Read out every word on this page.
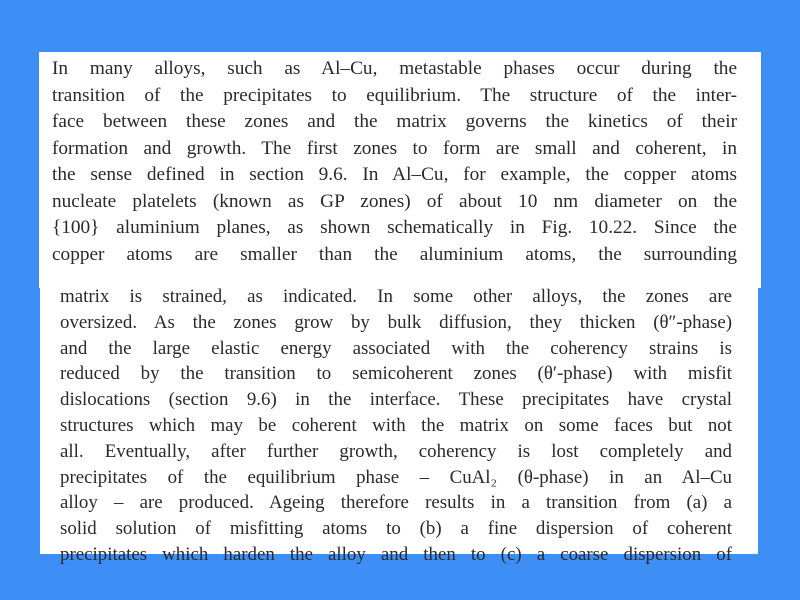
In many alloys, such as Al–Cu, metastable phases occur during the
transition of the precipitates to equilibrium. The structure of the inter-
face between these zones and the matrix governs the kinetics of their
formation and growth. The first zones to form are small and coherent, in
the sense defined in section 9.6. In Al–Cu, for example, the copper atoms
nucleate platelets (known as GP zones) of about 10 nm diameter on the
{100} aluminium planes, as shown schematically in Fig. 10.22. Since the
copper atoms are smaller than the aluminium atoms, the surrounding
matrix is strained, as indicated. In some other alloys, the zones are
oversized. As the zones grow by bulk diffusion, they thicken (θ″-phase)
and the large elastic energy associated with the coherency strains is
reduced by the transition to semicoherent zones (θ′-phase) with misfit
dislocations (section 9.6) in the interface. These precipitates have crystal
structures which may be coherent with the matrix on some faces but not
all. Eventually, after further growth, coherency is lost completely and
precipitates of the equilibrium phase – CuAl₂ (θ-phase) in an Al–Cu
alloy – are produced. Ageing therefore results in a transition from (a) a
solid solution of misfitting atoms to (b) a fine dispersion of coherent
precipitates which harden the alloy and then to (c) a coarse dispersion of
